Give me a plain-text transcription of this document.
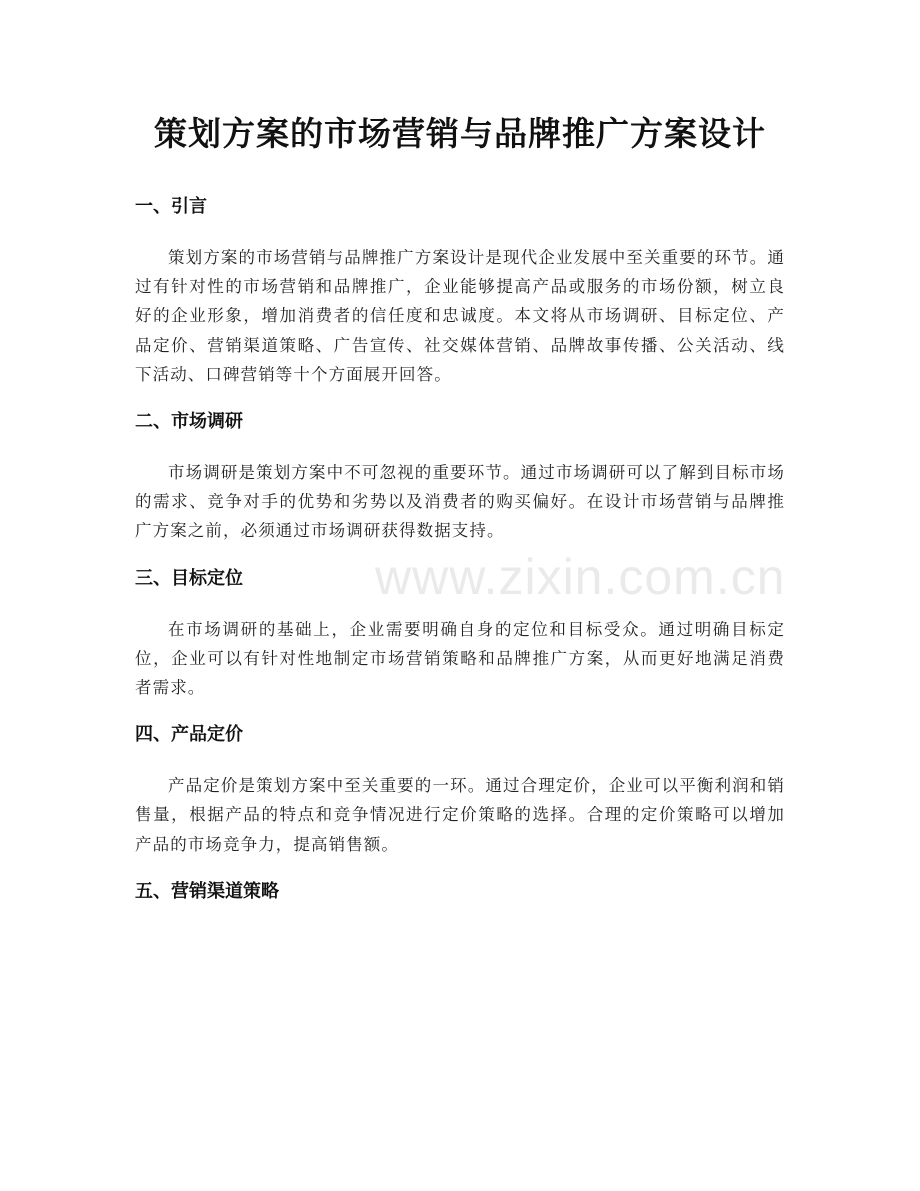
策划方案的市场营销与品牌推广方案设计
一、引言

策划方案的市场营销与品牌推广方案设计是现代企业发展中至关重要的环节。通过有针对性的市场营销和品牌推广，企业能够提高产品或服务的市场份额，树立良好的企业形象，增加消费者的信任度和忠诚度。本文将从市场调研、目标定位、产品定价、营销渠道策略、广告宣传、社交媒体营销、品牌故事传播、公关活动、线下活动、口碑营销等十个方面展开回答。

二、市场调研

市场调研是策划方案中不可忽视的重要环节。通过市场调研可以了解到目标市场的需求、竞争对手的优势和劣势以及消费者的购买偏好。在设计市场营销与品牌推广方案之前，必须通过市场调研获得数据支持。

三、目标定位

在市场调研的基础上，企业需要明确自身的定位和目标受众。通过明确目标定位，企业可以有针对性地制定市场营销策略和品牌推广方案，从而更好地满足消费者需求。

四、产品定价

产品定价是策划方案中至关重要的一环。通过合理定价，企业可以平衡利润和销售量，根据产品的特点和竞争情况进行定价策略的选择。合理的定价策略可以增加产品的市场竞争力，提高销售额。

五、营销渠道策略
www.zixin.com.cn
